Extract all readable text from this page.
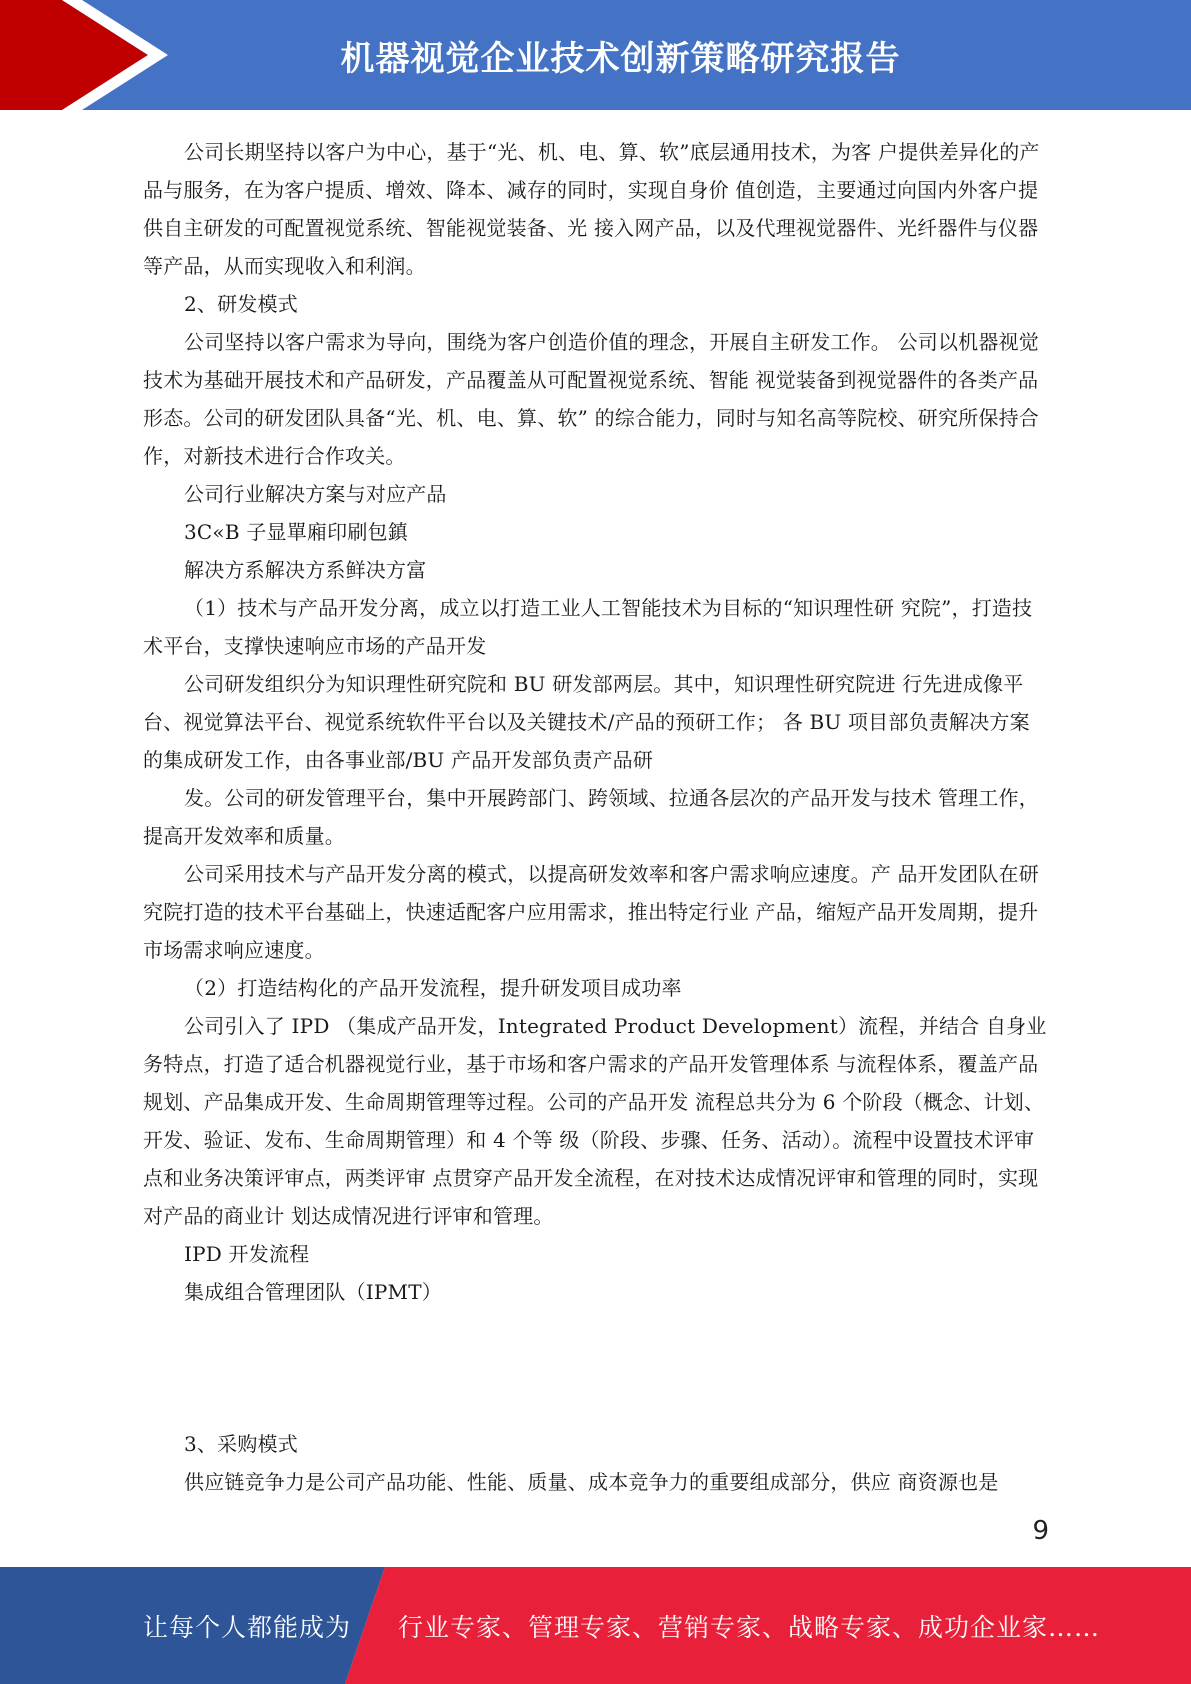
机器视觉企业技术创新策略研究报告

公司长期坚持以客户为中心，基于“光、机、电、算、软”底层通用技术，为客 户提供差异化的产品与服务，在为客户提质、增效、降本、减存的同时，实现自身价 值创造，主要通过向国内外客户提供自主研发的可配置视觉系统、智能视觉装备、光 接入网产品，以及代理视觉器件、光纤器件与仪器等产品，从而实现收入和利润。

2、研发模式

公司坚持以客户需求为导向，围绕为客户创造价值的理念，开展自主研发工作。 公司以机器视觉技术为基础开展技术和产品研发，产品覆盖从可配置视觉系统、智能 视觉装备到视觉器件的各类产品形态。公司的研发团队具备“光、机、电、算、软” 的综合能力，同时与知名高等院校、研究所保持合作，对新技术进行合作攻关。

公司行业解决方案与对应产品

3C«B 子显單廂印刷包鎮

解决方系解决方系鲜决方富

（1）技术与产品开发分离，成立以打造工业人工智能技术为目标的“知识理性研 究院”，打造技术平台，支撑快速响应市场的产品开发

公司研发组织分为知识理性研究院和 BU 研发部两层。其中，知识理性研究院进 行先进成像平台、视觉算法平台、视觉系统软件平台以及关键技术/产品的预研工作； 各 BU 项目部负责解决方案的集成研发工作，由各事业部/BU 产品开发部负责产品研

发。公司的研发管理平台，集中开展跨部门、跨领域、拉通各层次的产品开发与技术 管理工作，提高开发效率和质量。

公司采用技术与产品开发分离的模式，以提高研发效率和客户需求响应速度。产 品开发团队在研究院打造的技术平台基础上，快速适配客户应用需求，推出特定行业 产品，缩短产品开发周期，提升市场需求响应速度。

（2）打造结构化的产品开发流程，提升研发项目成功率

公司引入了 IPD （集成产品开发，Integrated Product Development）流程，并结合 自身业务特点，打造了适合机器视觉行业，基于市场和客户需求的产品开发管理体系 与流程体系，覆盖产品规划、产品集成开发、生命周期管理等过程。公司的产品开发 流程总共分为 6 个阶段（概念、计划、开发、验证、发布、生命周期管理）和 4 个等 级（阶段、步骤、任务、活动）。流程中设置技术评审点和业务决策评审点，两类评审 点贯穿产品开发全流程，在对技术达成情况评审和管理的同时，实现对产品的商业计 划达成情况进行评审和管理。

IPD 开发流程

集成组合管理团队（IPMT）

3、采购模式

供应链竞争力是公司产品功能、性能、质量、成本竞争力的重要组成部分，供应 商资源也是

9
让每个人都能成为 行业专家、管理专家、营销专家、战略专家、成功企业家……
